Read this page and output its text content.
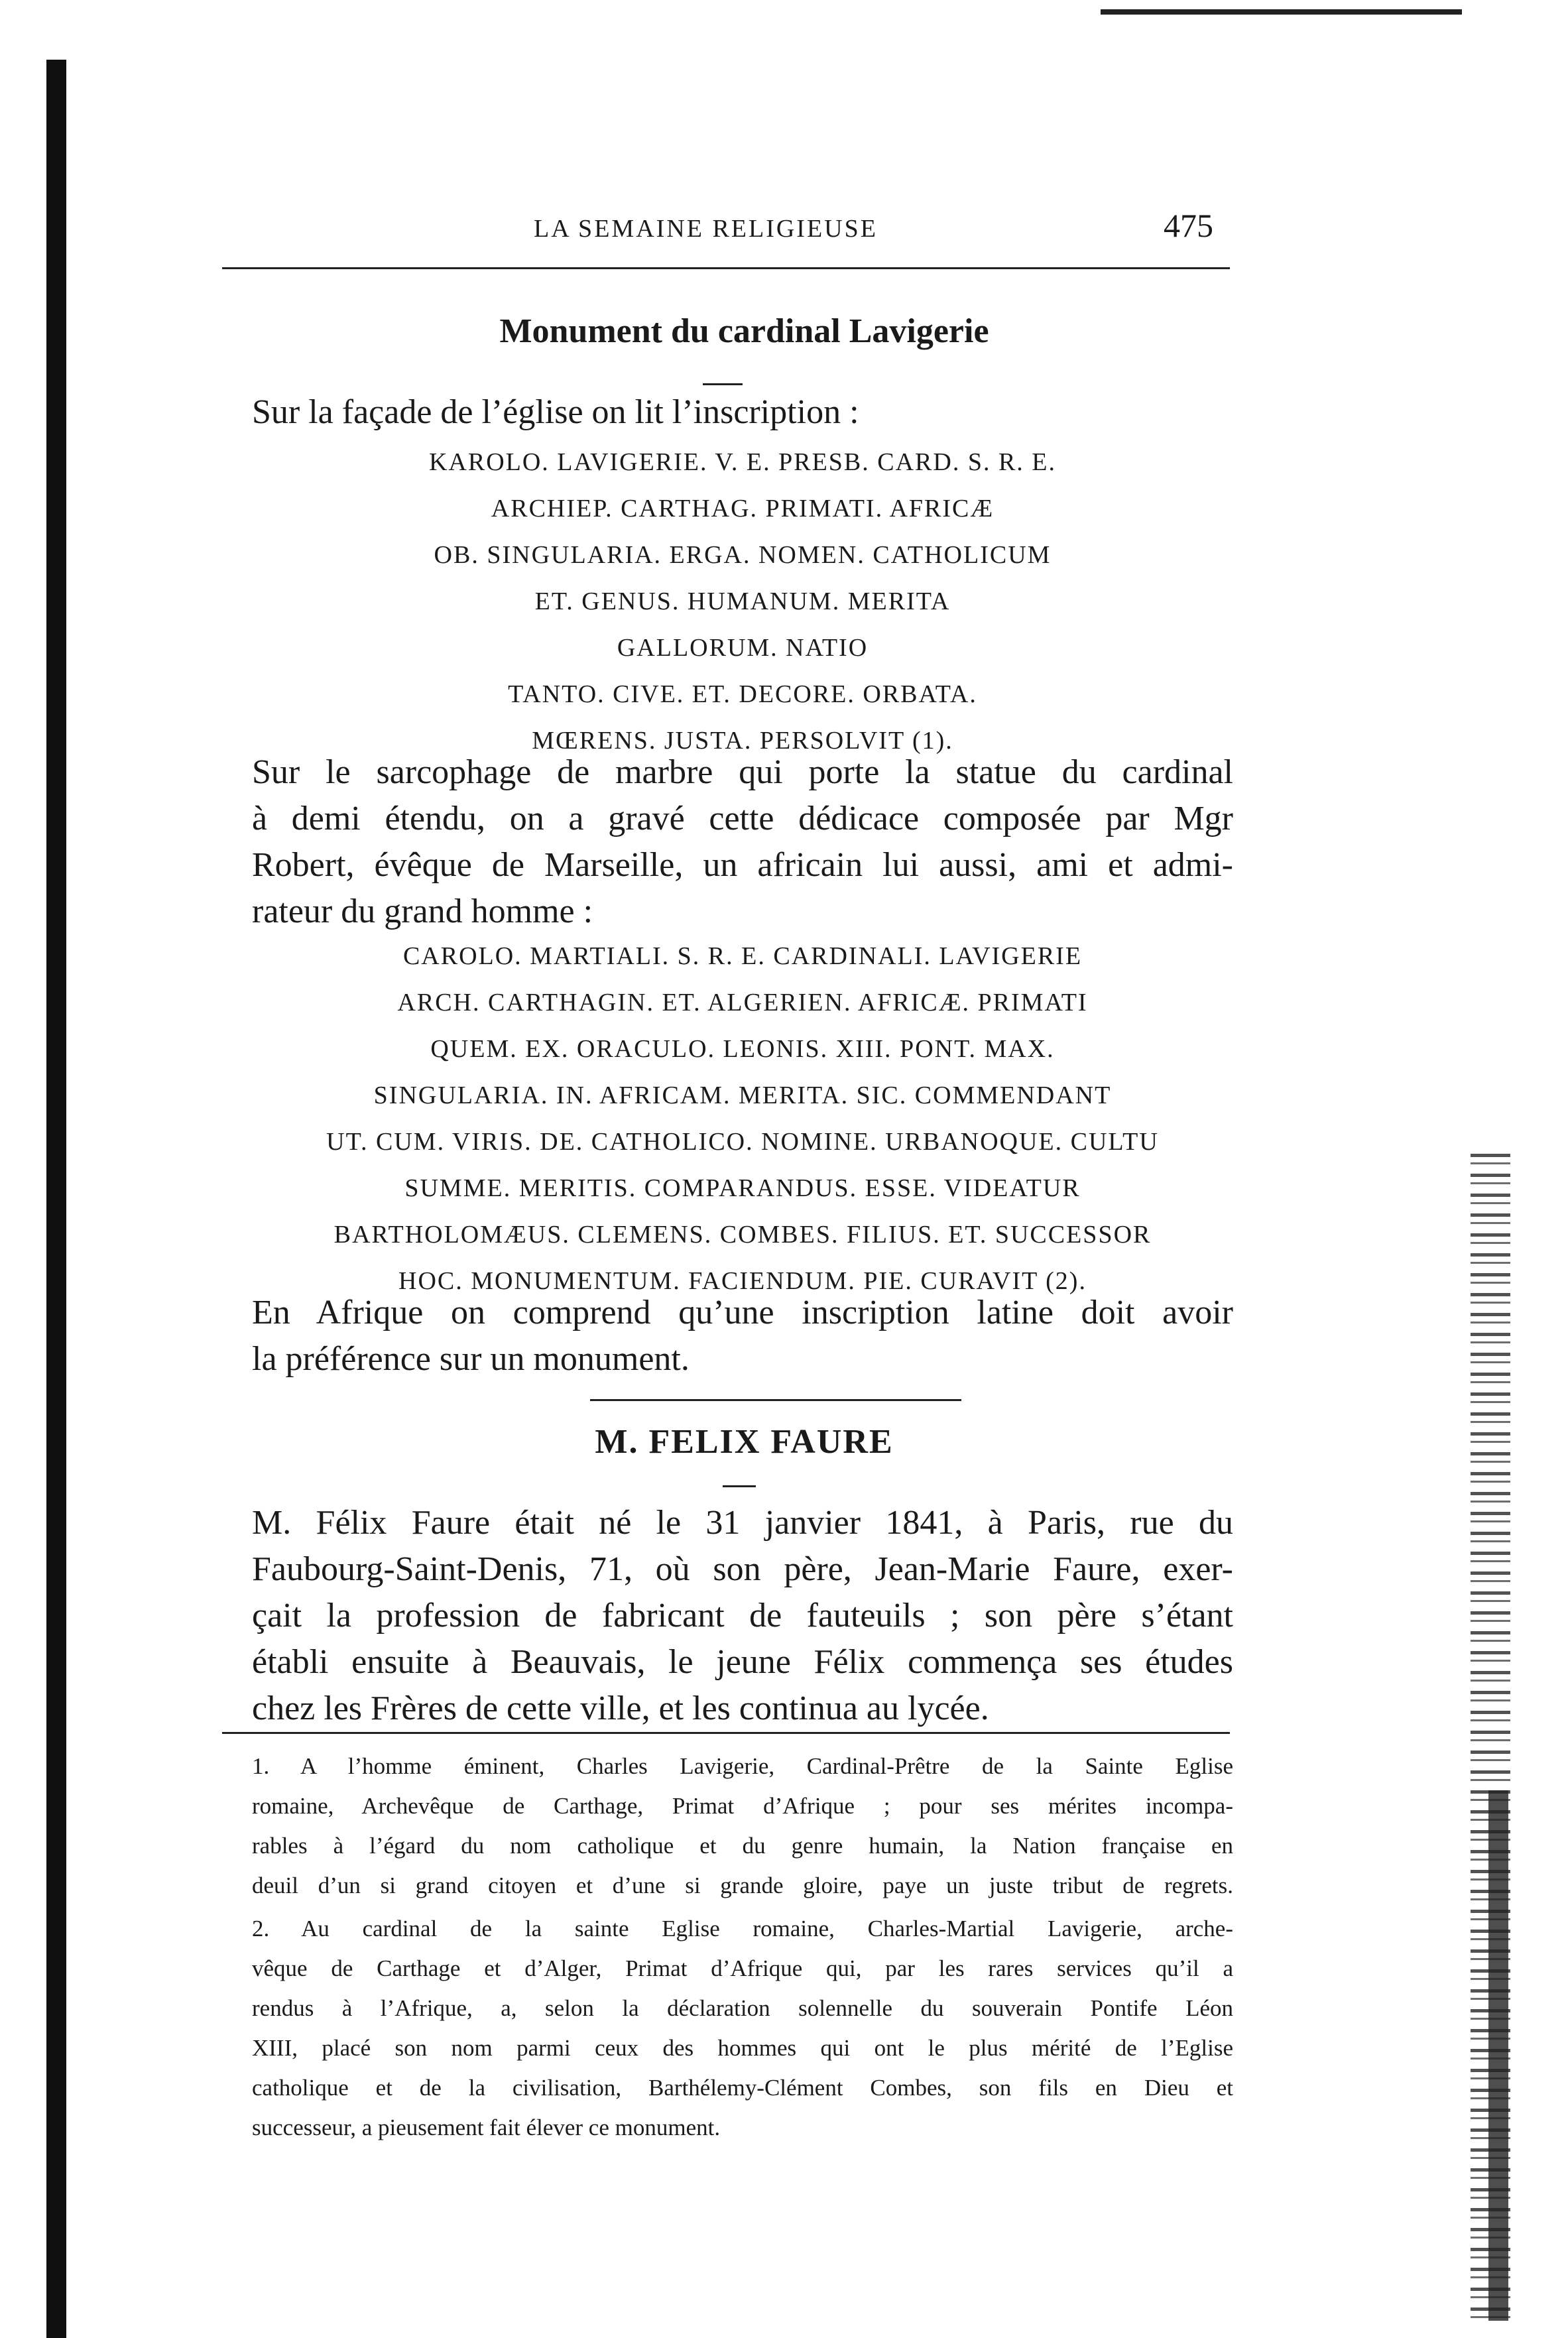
LA SEMAINE RELIGIEUSE	475
Monument du cardinal Lavigerie
Sur la façade de l’église on lit l’inscription :
KAROLO. LAVIGERIE. V. E. PRESB. CARD. S. R. E.
ARCHIEP. CARTHAG. PRIMATI. AFRICÆ
OB. SINGULARIA. ERGA. NOMEN. CATHOLICUM
ET. GENUS. HUMANUM. MERITA
GALLORUM. NATIO
TANTO. CIVE. ET. DECORE. ORBATA.
MŒRENS. JUSTA. PERSOLVIT (1).
Sur le sarcophage de marbre qui porte la statue du cardinal
à demi étendu, on a gravé cette dédicace composée par Mgr
Robert, évêque de Marseille, un africain lui aussi, ami et admi-
rateur du grand homme :
CAROLO. MARTIALI. S. R. E. CARDINALI. LAVIGERIE
ARCH. CARTHAGIN. ET. ALGERIEN. AFRICÆ. PRIMATI
QUEM. EX. ORACULO. LEONIS. XIII. PONT. MAX.
SINGULARIA. IN. AFRICAM. MERITA. SIC. COMMENDANT
UT. CUM. VIRIS. DE. CATHOLICO. NOMINE. URBANOQUE. CULTU
SUMME. MERITIS. COMPARANDUS. ESSE. VIDEATUR
BARTHOLOMÆUS. CLEMENS. COMBES. FILIUS. ET. SUCCESSOR
HOC. MONUMENTUM. FACIENDUM. PIE. CURAVIT (2).
En Afrique on comprend qu’une inscription latine doit avoir
la préférence sur un monument.
M. FELIX FAURE
M. Félix Faure était né le 31 janvier 1841, à Paris, rue du
Faubourg-Saint-Denis, 71, où son père, Jean-Marie Faure, exer-
çait la profession de fabricant de fauteuils ; son père s’étant
établi ensuite à Beauvais, le jeune Félix commença ses études
chez les Frères de cette ville, et les continua au lycée.
1. A l’homme éminent, Charles Lavigerie, Cardinal-Prêtre de la Sainte Eglise
romaine, Archevêque de Carthage, Primat d’Afrique ; pour ses mérites incompa-
rables à l’égard du nom catholique et du genre humain, la Nation française en
deuil d’un si grand citoyen et d’une si grande gloire, paye un juste tribut de regrets.
2. Au cardinal de la sainte Eglise romaine, Charles-Martial Lavigerie, arche-
vêque de Carthage et d’Alger, Primat d’Afrique qui, par les rares services qu’il a
rendus à l’Afrique, a, selon la déclaration solennelle du souverain Pontife Léon
XIII, placé son nom parmi ceux des hommes qui ont le plus mérité de l’Eglise
catholique et de la civilisation, Barthélemy-Clément Combes, son fils en Dieu et
successeur, a pieusement fait élever ce monument.
